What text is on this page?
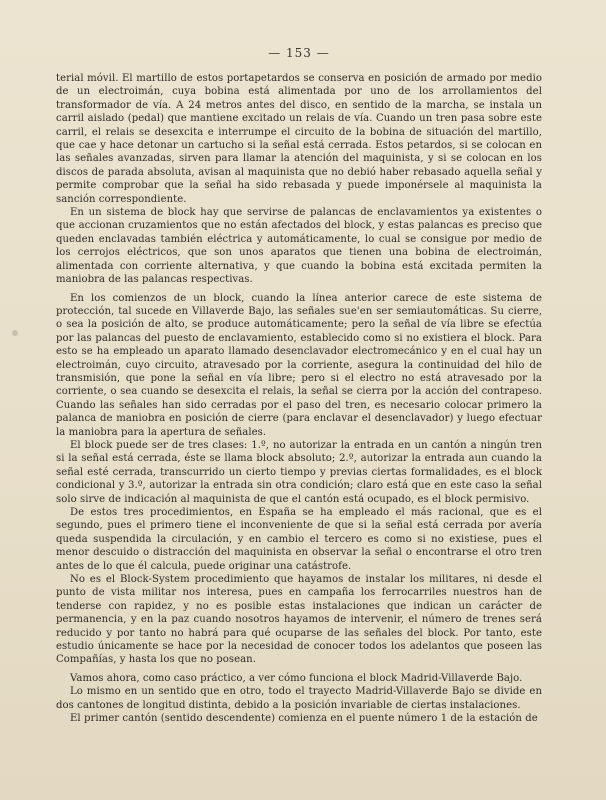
— 153 —

terial móvil. El martillo de estos portapetardos se conserva en posición de armado por medio de un electroimán, cuya bobina está alimentada por uno de los arrollamientos del transformador de vía. A 24 metros antes del disco, en sentido de la marcha, se instala un carril aislado (pedal) que mantiene excitado un relais de vía. Cuando un tren pasa sobre este carril, el relais se desexcita e interrumpe el circuito de la bobina de situación del martillo, que cae y hace detonar un cartucho si la señal está cerrada. Estos petardos, si se colocan en las señales avanzadas, sirven para llamar la atención del maquinista, y si se colocan en los discos de parada absoluta, avisan al maquinista que no debió haber rebasado aquella señal y permite comprobar que la señal ha sido rebasada y puede imponérsele al maquinista la sanción correspondiente.

En un sistema de block hay que servirse de palancas de enclavamientos ya existentes o que accionan cruzamientos que no están afectados del block, y estas palancas es preciso que queden enclavadas también eléctrica y automáticamente, lo cual se consigue por medio de los cerrojos eléctricos, que son unos aparatos que tienen una bobina de electroimán, alimentada con corriente alternativa, y que cuando la bobina está excitada permiten la maniobra de las palancas respectivas.

En los comienzos de un block, cuando la línea anterior carece de este sistema de protección, tal sucede en Villaverde Bajo, las señales sue'en ser semiautomáticas. Su cierre, o sea la posición de alto, se produce automáticamente; pero la señal de vía libre se efectúa por las palancas del puesto de enclavamiento, establecido como si no existiera el block. Para esto se ha empleado un aparato llamado desenclavador electromecánico y en el cual hay un electroimán, cuyo circuito, atravesado por la corriente, asegura la continuidad del hilo de transmisión, que pone la señal en vía libre; pero si el electro no está atravesado por la corriente, o sea cuando se desexcita el relais, la señal se cierra por la acción del contrapeso. Cuando las señales han sido cerradas por el paso del tren, es necesario colocar primero la palanca de maniobra en posición de cierre (para enclavar el desenclavador) y luego efectuar la maniobra para la apertura de señales.

El block puede ser de tres clases: 1.º, no autorizar la entrada en un cantón a ningún tren si la señal está cerrada, éste se llama block absoluto; 2.º, autorizar la entrada aun cuando la señal esté cerrada, transcurrido un cierto tiempo y previas ciertas formalidades, es el block condicional y 3.º, autorizar la entrada sin otra condición; claro está que en este caso la señal solo sirve de indicación al maquinista de que el cantón está ocupado, es el block permisivo.

De estos tres procedimientos, en España se ha empleado el más racional, que es el segundo, pues el primero tiene el inconveniente de que si la señal está cerrada por avería queda suspendida la circulación, y en cambio el tercero es como si no existiese, pues el menor descuido o distracción del maquinista en observar la señal o encontrarse el otro tren antes de lo que él calcula, puede originar una catástrofe.

No es el Block-System procedimiento que hayamos de instalar los militares, ni desde el punto de vista militar nos interesa, pues en campaña los ferrocarriles nuestros han de tenderse con rapidez, y no es posible estas instalaciones que indican un carácter de permanencia, y en la paz cuando nosotros hayamos de intervenir, el número de trenes será reducido y por tanto no habrá para qué ocuparse de las señales del block. Por tanto, este estudio únicamente se hace por la necesidad de conocer todos los adelantos que poseen las Compañías, y hasta los que no posean.

Vamos ahora, como caso práctico, a ver cómo funciona el block Madrid-Villaverde Bajo.

Lo mismo en un sentido que en otro, todo el trayecto Madrid-Villaverde Bajo se divide en dos cantones de longitud distinta, debido a la posición invariable de ciertas instalaciones.

El primer cantón (sentido descendente) comienza en el puente número 1 de la estación de
